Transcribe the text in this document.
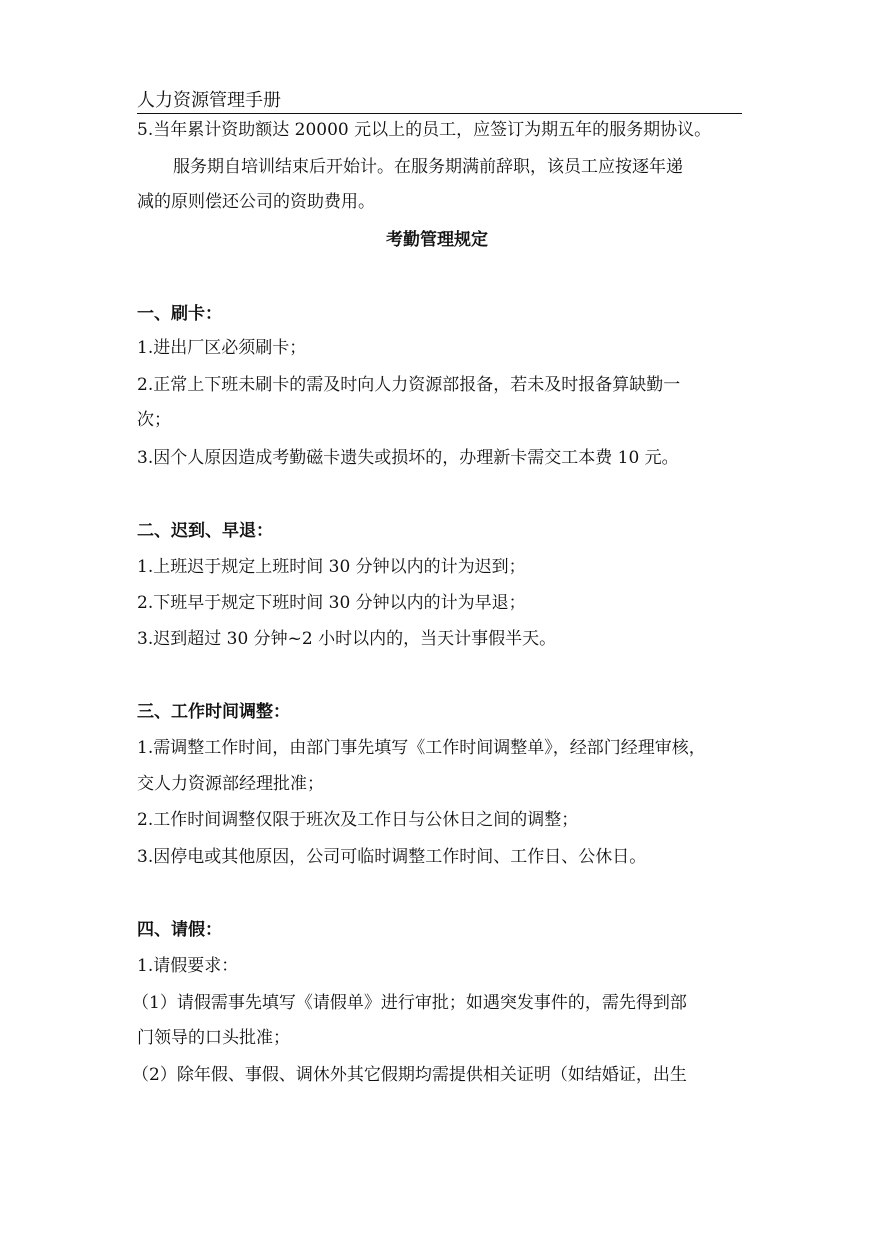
人力资源管理手册
5.当年累计资助额达 20000 元以上的员工，应签订为期五年的服务期协议。
服务期自培训结束后开始计。在服务期满前辞职，该员工应按逐年递
减的原则偿还公司的资助费用。
考勤管理规定
一、刷卡：
1.进出厂区必须刷卡；
2.正常上下班未刷卡的需及时向人力资源部报备，若未及时报备算缺勤一
次；
3.因个人原因造成考勤磁卡遗失或损坏的，办理新卡需交工本费 10 元。
二、迟到、早退：
1.上班迟于规定上班时间 30 分钟以内的计为迟到；
2.下班早于规定下班时间 30 分钟以内的计为早退；
3.迟到超过 30 分钟~2 小时以内的，当天计事假半天。
三、工作时间调整：
1.需调整工作时间，由部门事先填写《工作时间调整单》，经部门经理审核，
交人力资源部经理批准；
2.工作时间调整仅限于班次及工作日与公休日之间的调整；
3.因停电或其他原因，公司可临时调整工作时间、工作日、公休日。
四、请假：
1.请假要求：
（1）请假需事先填写《请假单》进行审批；如遇突发事件的，需先得到部
门领导的口头批准；
（2）除年假、事假、调休外其它假期均需提供相关证明（如结婚证，出生
